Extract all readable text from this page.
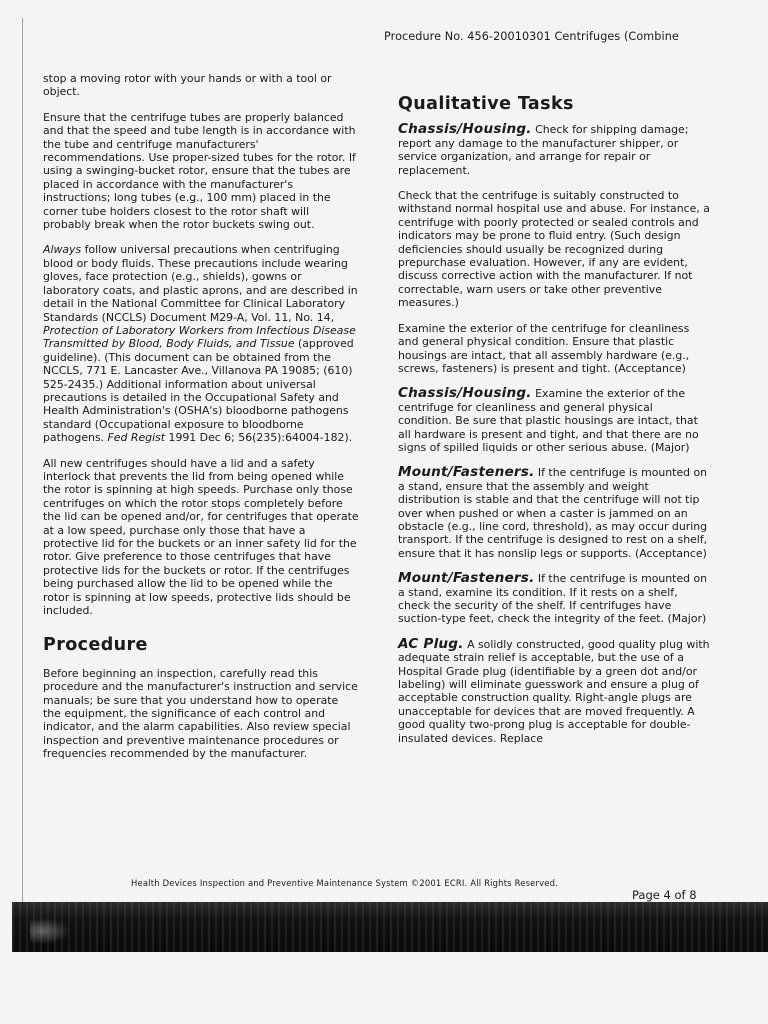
Procedure No. 456-20010301 Centrifuges (Combine

stop a moving rotor with your hands or with a tool or object.

Ensure that the centrifuge tubes are properly balanced and that the speed and tube length is in accordance with the tube and centrifuge manufacturers' recommendations. Use proper-sized tubes for the rotor. If using a swinging-bucket rotor, ensure that the tubes are placed in accordance with the manufacturer's instructions; long tubes (e.g., 100 mm) placed in the corner tube holders closest to the rotor shaft will probably break when the rotor buckets swing out.

Always follow universal precautions when centrifuging blood or body fluids. These precautions include wearing gloves, face protection (e.g., shields), gowns or laboratory coats, and plastic aprons, and are described in detail in the National Committee for Clinical Laboratory Standards (NCCLS) Document M29-A, Vol. 11, No. 14, Protection of Laboratory Workers from Infectious Disease Transmitted by Blood, Body Fluids, and Tissue (approved guideline). (This document can be obtained from the NCCLS, 771 E. Lancaster Ave., Villanova PA 19085; (610) 525-2435.) Additional information about universal precautions is detailed in the Occupational Safety and Health Administration's (OSHA's) bloodborne pathogens standard (Occupational exposure to bloodborne pathogens. Fed Regist 1991 Dec 6; 56(235):64004-182).

All new centrifuges should have a lid and a safety interlock that prevents the lid from being opened while the rotor is spinning at high speeds. Purchase only those centrifuges on which the rotor stops completely before the lid can be opened and/or, for centrifuges that operate at a low speed, purchase only those that have a protective lid for the buckets or an inner safety lid for the rotor. Give preference to those centrifuges that have protective lids for the buckets or rotor. If the centrifuges being purchased allow the lid to be opened while the rotor is spinning at low speeds, protective lids should be included.

Procedure

Before beginning an inspection, carefully read this procedure and the manufacturer's instruction and service manuals; be sure that you understand how to operate the equipment, the significance of each control and indicator, and the alarm capabilities. Also review special inspection and preventive maintenance procedures or frequencies recommended by the manufacturer.

Qualitative Tasks

Chassis/Housing. Check for shipping damage; report any damage to the manufacturer shipper, or service organization, and arrange for repair or replacement.

Check that the centrifuge is suitably constructed to withstand normal hospital use and abuse. For instance, a centrifuge with poorly protected or sealed controls and indicators may be prone to fluid entry. (Such design deficiencies should usually be recognized during prepurchase evaluation. However, if any are evident, discuss corrective action with the manufacturer. If not correctable, warn users or take other preventive measures.)

Examine the exterior of the centrifuge for cleanliness and general physical condition. Ensure that plastic housings are intact, that all assembly hardware (e.g., screws, fasteners) is present and tight. (Acceptance)

Chassis/Housing. Examine the exterior of the centrifuge for cleanliness and general physical condition. Be sure that plastic housings are intact, that all hardware is present and tight, and that there are no signs of spilled liquids or other serious abuse. (Major)

Mount/Fasteners. If the centrifuge is mounted on a stand, ensure that the assembly and weight distribution is stable and that the centrifuge will not tip over when pushed or when a caster is jammed on an obstacle (e.g., line cord, threshold), as may occur during transport. If the centrifuge is designed to rest on a shelf, ensure that it has nonslip legs or supports. (Acceptance)

Mount/Fasteners. If the centrifuge is mounted on a stand, examine its condition. If it rests on a shelf, check the security of the shelf. If centrifuges have suction-type feet, check the integrity of the feet. (Major)

AC Plug. A solidly constructed, good quality plug with adequate strain relief is acceptable, but the use of a Hospital Grade plug (identifiable by a green dot and/or labeling) will eliminate guesswork and ensure a plug of acceptable construction quality. Right-angle plugs are unacceptable for devices that are moved frequently. A good quality two-prong plug is acceptable for double-insulated devices. Replace

Health Devices Inspection and Preventive Maintenance System ©2001 ECRI. All Rights Reserved.
Page 4 of 8
